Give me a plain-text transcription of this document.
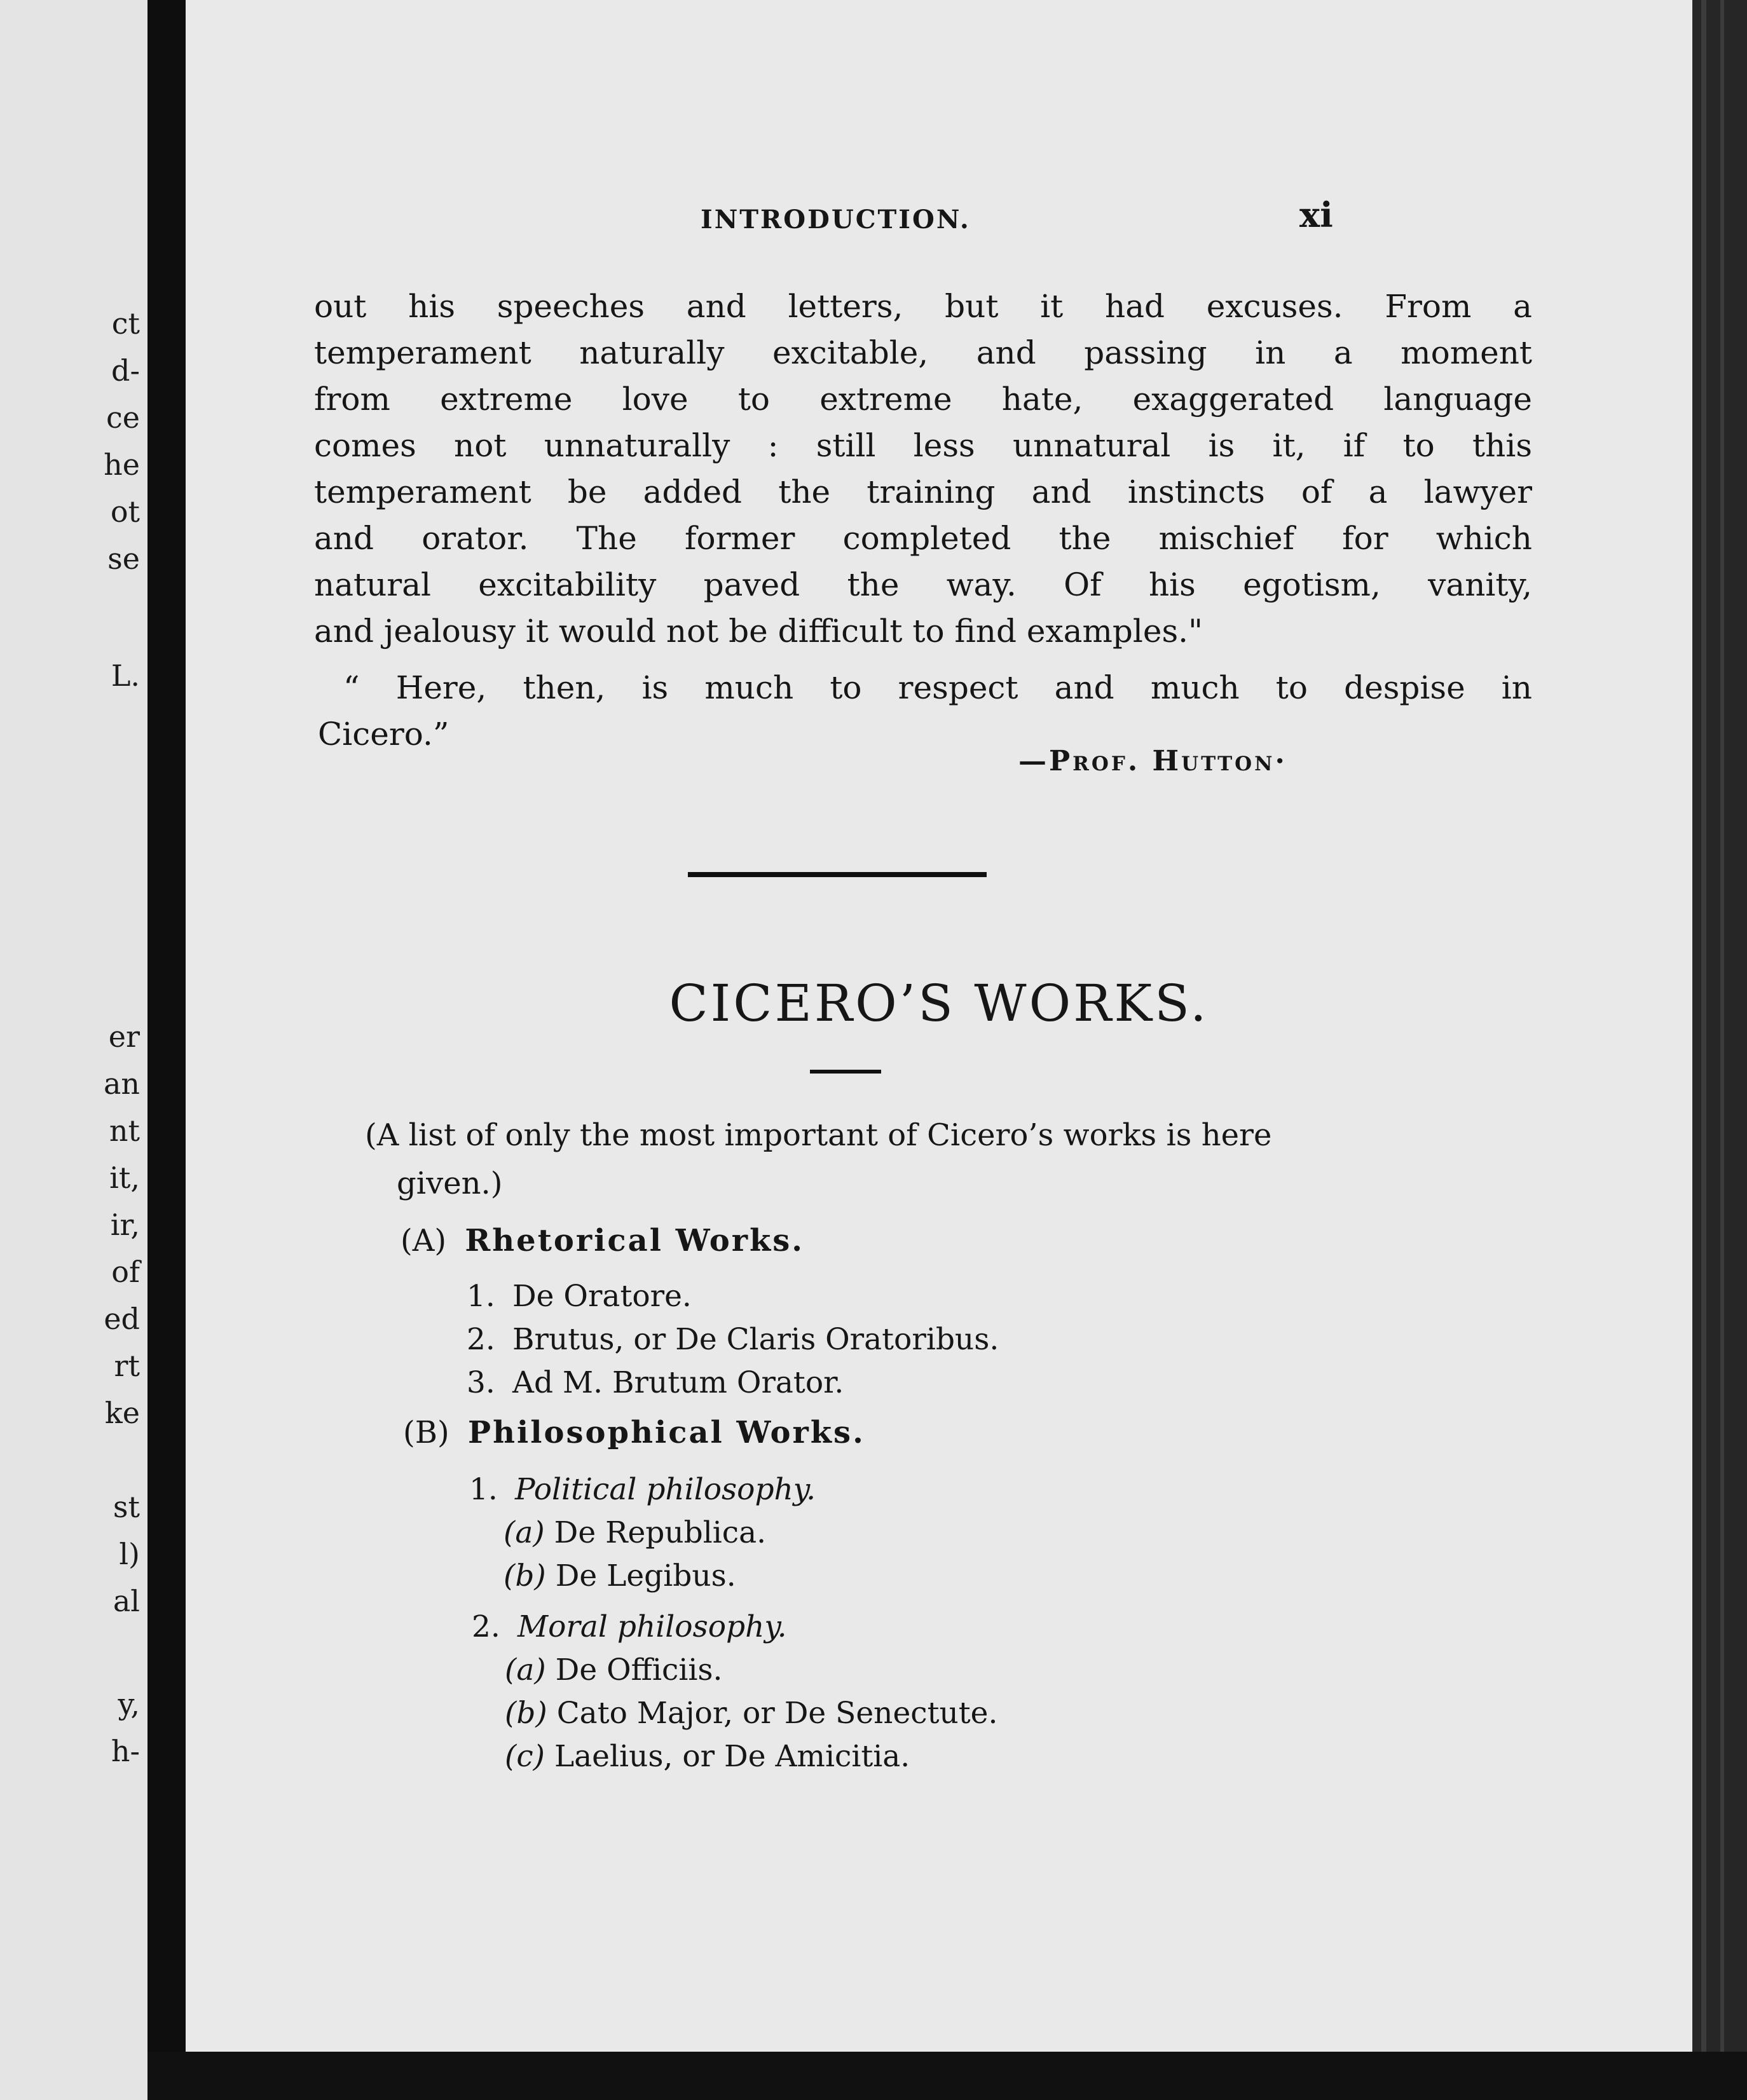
ct
d-
ce
he
ot
se
L.
er
an
nt
it,
ir,
of
ed
rt
ke
st
l)
al
y,
h-
INTRODUCTION.	xi

out his speeches and letters, but it had excuses. From a
temperament naturally excitable, and passing in a moment
from extreme love to extreme hate, exaggerated language
comes not unnaturally : still less unnatural is it, if to this
temperament be added the training and instincts of a lawyer
and orator. The former completed the mischief for which
natural excitability paved the way. Of his egotism, vanity,
and jealousy it would not be difficult to find examples."

“ Here, then, is much to respect and much to despise in
Cicero.”

—Prof. Hutton·
CICERO’S WORKS.

(A list of only the most important of Cicero’s works is here
given.)

(A) Rhetorical Works.
1. De Oratore.
2. Brutus, or De Claris Oratoribus.
3. Ad M. Brutum Orator.
(B) Philosophical Works.
1. Political philosophy.
(a) De Republica.
(b) De Legibus.
2. Moral philosophy.
(a) De Officiis.
(b) Cato Major, or De Senectute.
(c) Laelius, or De Amicitia.
